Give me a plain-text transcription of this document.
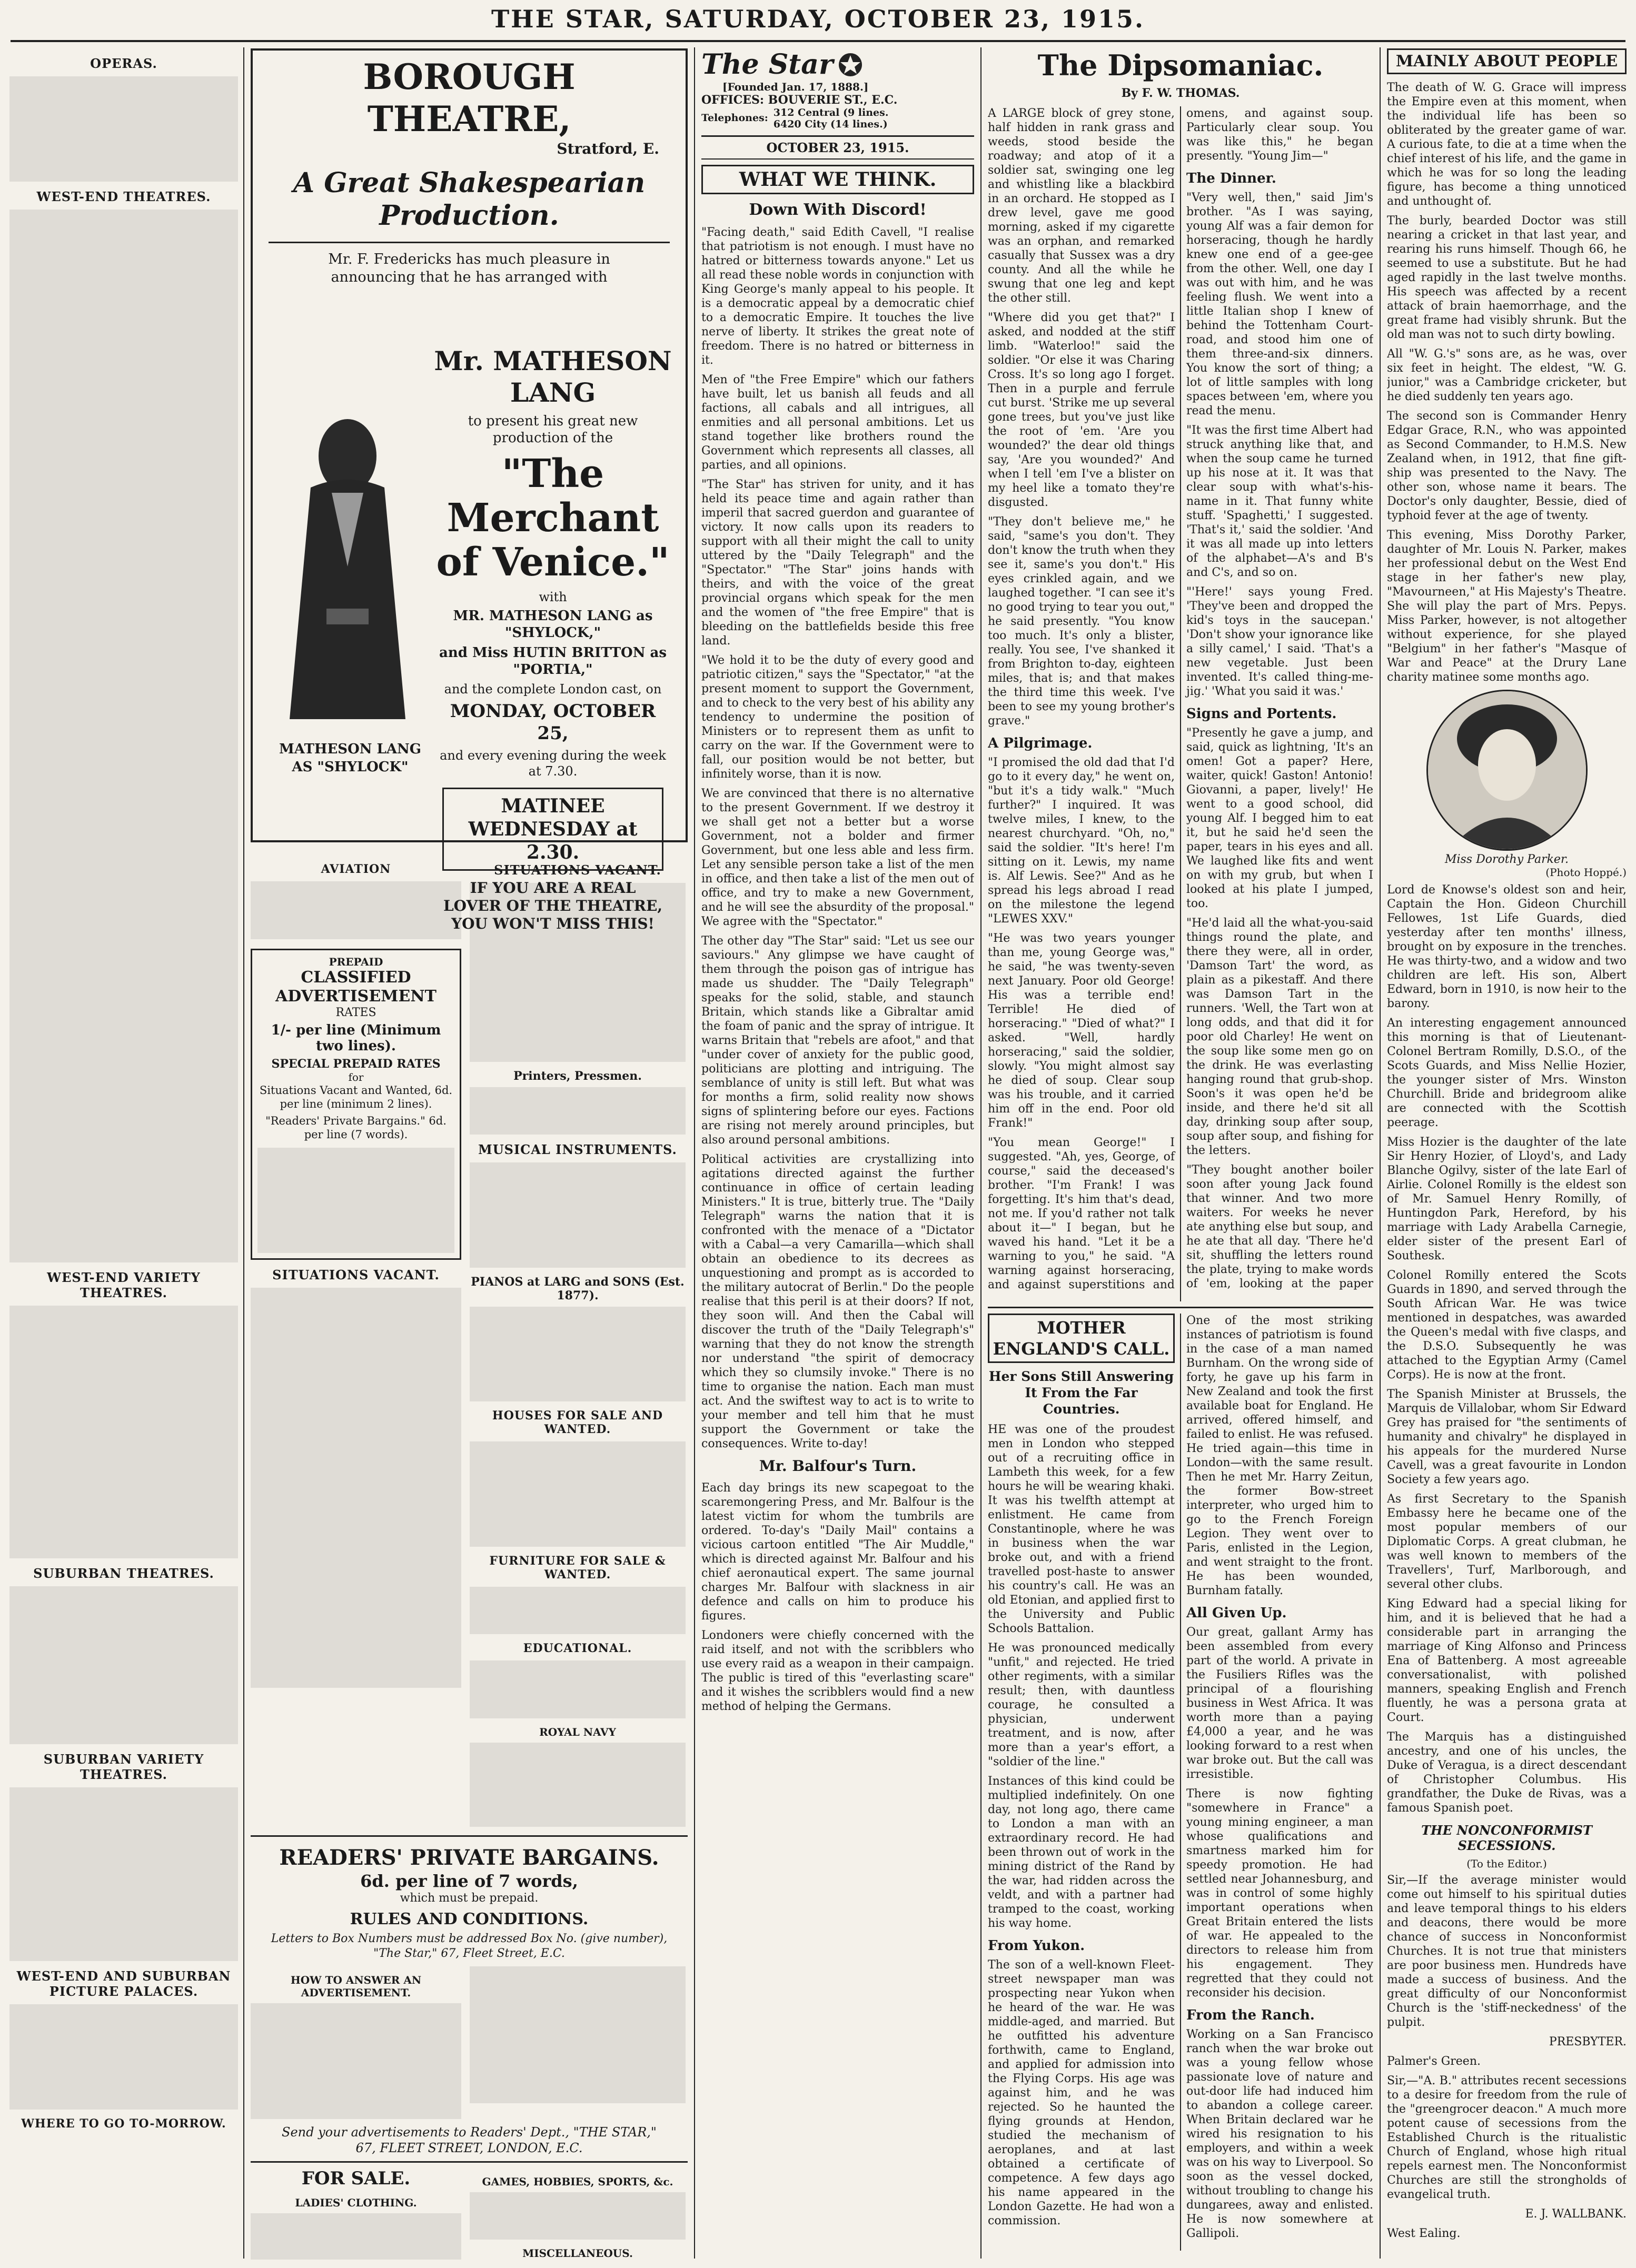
THE STAR, SATURDAY, OCTOBER 23, 1915.
OPERAS.
WEST-END THEATRES.
WEST-END VARIETY THEATRES.
SUBURBAN THEATRES.
SUBURBAN VARIETY THEATRES.
WEST-END AND SUBURBAN PICTURE PALACES.
WHERE TO GO TO-MORROW.
BOROUGH THEATRE,
Stratford, E.
A Great Shakespearian Production.
Mr. F. Fredericks has much pleasure in announcing that he has arranged with
Mr. MATHESON LANG
to present his great new production of the
"The Merchant of Venice."
with
MR. MATHESON LANG as "SHYLOCK,"
and Miss HUTIN BRITTON as "PORTIA,"
and the complete London cast, on
MONDAY, OCTOBER 25,
and every evening during the week at 7.30.
MATINEE WEDNESDAY at 2.30.
IF YOU ARE A REAL LOVER OF THE THEATRE, YOU WON'T MISS THIS!
MATHESON LANG AS "SHYLOCK"
AVIATION
PREPAID
CLASSIFIED ADVERTISEMENT
RATES
1/- per line (Minimum two lines).
SPECIAL PREPAID RATES
for
Situations Vacant and Wanted, 6d. per line (minimum 2 lines).
"Readers' Private Bargains." 6d. per line (7 words).
SITUATIONS VACANT.
SITUATIONS VACANT.
Printers, Pressmen.
MUSICAL INSTRUMENTS.
PIANOS at LARG and SONS (Est. 1877).
HOUSES FOR SALE AND WANTED.
FURNITURE FOR SALE & WANTED.
EDUCATIONAL.
ROYAL NAVY
READERS' PRIVATE BARGAINS.
6d. per line of 7 words,
which must be prepaid.
RULES AND CONDITIONS.
Letters to Box Numbers must be addressed Box No. (give number), "The Star," 67, Fleet Street, E.C.
HOW TO ANSWER AN ADVERTISEMENT.
Send your advertisements to Readers' Dept., "THE STAR," 67, FLEET STREET, LONDON, E.C.
FOR SALE.
LADIES' CLOTHING.
GAMES, HOBBIES, SPORTS, &c.
MISCELLANEOUS.
The Star
[Founded Jan. 17, 1888.]
OFFICES: BOUVERIE ST., E.C.
Telephones: 312 Central (9 lines.
6420 City (14 lines.)
OCTOBER 23, 1915.
WHAT WE THINK.
Down With Discord!

"Facing death," said Edith Cavell, "I realise that patriotism is not enough. I must have no hatred or bitterness towards anyone." Let us all read these noble words in conjunction with King George's manly appeal to his people. It is a democratic appeal by a democratic chief to a democratic Empire. It touches the live nerve of liberty. It strikes the great note of freedom. There is no hatred or bitterness in it.

Men of "the Free Empire" which our fathers have built, let us banish all feuds and all factions, all cabals and all intrigues, all enmities and all personal ambitions. Let us stand together like brothers round the Government which represents all classes, all parties, and all opinions.

"The Star" has striven for unity, and it has held its peace time and again rather than imperil that sacred guerdon and guarantee of victory. It now calls upon its readers to support with all their might the call to unity uttered by the "Daily Telegraph" and the "Spectator." "The Star" joins hands with theirs, and with the voice of the great provincial organs which speak for the men and the women of "the free Empire" that is bleeding on the battlefields beside this free land.

"We hold it to be the duty of every good and patriotic citizen," says the "Spectator," "at the present moment to support the Government, and to check to the very best of his ability any tendency to undermine the position of Ministers or to represent them as unfit to carry on the war. If the Government were to fall, our position would be not better, but infinitely worse, than it is now.

We are convinced that there is no alternative to the present Government. If we destroy it we shall get not a better but a worse Government, not a bolder and firmer Government, but one less able and less firm. Let any sensible person take a list of the men in office, and then take a list of the men out of office, and try to make a new Government, and he will see the absurdity of the proposal." We agree with the "Spectator."

The other day "The Star" said: "Let us see our saviours." Any glimpse we have caught of them through the poison gas of intrigue has made us shudder. The "Daily Telegraph" speaks for the solid, stable, and staunch Britain, which stands like a Gibraltar amid the foam of panic and the spray of intrigue. It warns Britain that "rebels are afoot," and that "under cover of anxiety for the public good, politicians are plotting and intriguing. The semblance of unity is still left. But what was for months a firm, solid reality now shows signs of splintering before our eyes. Factions are rising not merely around principles, but also around personal ambitions.

Political activities are crystallizing into agitations directed against the further continuance in office of certain leading Ministers." It is true, bitterly true. The "Daily Telegraph" warns the nation that it is confronted with the menace of a "Dictator with a Cabal—a very Camarilla—which shall obtain an obedience to its decrees as unquestioning and prompt as is accorded to the military autocrat of Berlin." Do the people realise that this peril is at their doors? If not, they soon will. And then the Cabal will discover the truth of the "Daily Telegraph's" warning that they do not know the strength nor understand "the spirit of democracy which they so clumsily invoke." There is no time to organise the nation. Each man must act. And the swiftest way to act is to write to your member and tell him that he must support the Government or take the consequences. Write to-day!

Mr. Balfour's Turn.

Each day brings its new scapegoat to the scaremongering Press, and Mr. Balfour is the latest victim for whom the tumbrils are ordered. To-day's "Daily Mail" contains a vicious cartoon entitled "The Air Muddle," which is directed against Mr. Balfour and his chief aeronautical expert. The same journal charges Mr. Balfour with slackness in air defence and calls on him to produce his figures.

Londoners were chiefly concerned with the raid itself, and not with the scribblers who use every raid as a weapon in their campaign. The public is tired of this "everlasting scare" and it wishes the scribblers would find a new method of helping the Germans.

The Dipsomaniac.
By F. W. THOMAS.

A LARGE block of grey stone, half hidden in rank grass and weeds, stood beside the roadway; and atop of it a soldier sat, swinging one leg and whistling like a blackbird in an orchard. He stopped as I drew level, gave me good morning, asked if my cigarette was an orphan, and remarked casually that Sussex was a dry county. And all the while he swung that one leg and kept the other still.

"Where did you get that?" I asked, and nodded at the stiff limb. "Waterloo!" said the soldier. "Or else it was Charing Cross. It's so long ago I forget. Then in a purple and ferrule cut burst. 'Strike me up several gone trees, but you've just like the root of 'em. 'Are you wounded?' the dear old things say, 'Are you wounded?' And when I tell 'em I've a blister on my heel like a tomato they're disgusted.

"They don't believe me," he said, "same's you don't. They don't know the truth when they see it, same's you don't." His eyes crinkled again, and we laughed together. "I can see it's no good trying to tear you out," he said presently. "You know too much. It's only a blister, really. You see, I've shanked it from Brighton to-day, eighteen miles, that is; and that makes the third time this week. I've been to see my young brother's grave."

A Pilgrimage.

"I promised the old dad that I'd go to it every day," he went on, "but it's a tidy walk." "Much further?" I inquired. It was twelve miles, I knew, to the nearest churchyard. "Oh, no," said the soldier. "It's here! I'm sitting on it. Lewis, my name is. Alf Lewis. See?" And as he spread his legs abroad I read on the milestone the legend "LEWES XXV."

"He was two years younger than me, young George was," he said, "he was twenty-seven next January. Poor old George! His was a terrible end! Terrible! He died of horseracing." "Died of what?" I asked. "Well, hardly horseracing," said the soldier, slowly. "You might almost say he died of soup. Clear soup was his trouble, and it carried him off in the end. Poor old Frank!"

"You mean George!" I suggested. "Ah, yes, George, of course," said the deceased's brother. "I'm Frank! I was forgetting. It's him that's dead, not me. If you'd rather not talk about it—" I began, but he waved his hand. "Let it be a warning to you," he said. "A warning against horseracing, and against superstitions and omens, and against soup. Particularly clear soup. You was like this," he began presently. "Young Jim—"

The Dinner.

"Very well, then," said Jim's brother. "As I was saying, young Alf was a fair demon for horseracing, though he hardly knew one end of a gee-gee from the other. Well, one day I was out with him, and he was feeling flush. We went into a little Italian shop I knew of behind the Tottenham Court-road, and stood him one of them three-and-six dinners. You know the sort of thing; a lot of little samples with long spaces between 'em, where you read the menu.

"It was the first time Albert had struck anything like that, and when the soup came he turned up his nose at it. It was that clear soup with what's-his-name in it. That funny white stuff. 'Spaghetti,' I suggested. 'That's it,' said the soldier. 'And it was all made up into letters of the alphabet—A's and B's and C's, and so on.

"'Here!' says young Fred. 'They've been and dropped the kid's toys in the saucepan.' 'Don't show your ignorance like a silly camel,' I said. 'That's a new vegetable. Just been invented. It's called thing-me-jig.' 'What you said it was.'

Signs and Portents.

"Presently he gave a jump, and said, quick as lightning, 'It's an omen! Got a paper? Here, waiter, quick! Gaston! Antonio! Giovanni, a paper, lively!' He went to a good school, did young Alf. I begged him to eat it, but he said he'd seen the paper, tears in his eyes and all. We laughed like fits and went on with my grub, but when I looked at his plate I jumped, too.

"He'd laid all the what-you-said things round the plate, and there they were, all in order, 'Damson Tart' the word, as plain as a pikestaff. And there was Damson Tart in the runners. 'Well, the Tart won at long odds, and that did it for poor old Charley! He went on the soup like some men go on the drink. He was everlasting hanging round that grub-shop. Soon's it was open he'd be inside, and there he'd sit all day, drinking soup after soup, soup after soup, and fishing for the letters.

"They bought another boiler soon after young Jack found that winner. And two more waiters. For weeks he never ate anything else but soup, and he ate that all day. 'There he'd sit, shuffling the letters round the plate, trying to make words of 'em, looking at the paper

MOTHER ENGLAND'S CALL.
Her Sons Still Answering It From the Far Countries.

HE was one of the proudest men in London who stepped out of a recruiting office in Lambeth this week, for a few hours he will be wearing khaki. It was his twelfth attempt at enlistment. He came from Constantinople, where he was in business when the war broke out, and with a friend travelled post-haste to answer his country's call. He was an old Etonian, and applied first to the University and Public Schools Battalion.

He was pronounced medically "unfit," and rejected. He tried other regiments, with a similar result; then, with dauntless courage, he consulted a physician, underwent treatment, and is now, after more than a year's effort, a "soldier of the line."

Instances of this kind could be multiplied indefinitely. On one day, not long ago, there came to London a man with an extraordinary record. He had been thrown out of work in the mining district of the Rand by the war, had ridden across the veldt, and with a partner had tramped to the coast, working his way home.

From Yukon.

The son of a well-known Fleet-street newspaper man was prospecting near Yukon when he heard of the war. He was middle-aged, and married. But he outfitted his adventure forthwith, came to England, and applied for admission into the Flying Corps. His age was against him, and he was rejected. So he haunted the flying grounds at Hendon, studied the mechanism of aeroplanes, and at last obtained a certificate of competence. A few days ago his name appeared in the London Gazette. He had won a commission.

One of the most striking instances of patriotism is found in the case of a man named Burnham. On the wrong side of forty, he gave up his farm in New Zealand and took the first available boat for England. He arrived, offered himself, and failed to enlist. He was refused. He tried again—this time in London—with the same result. Then he met Mr. Harry Zeitun, the former Bow-street interpreter, who urged him to go to the French Foreign Legion. They went over to Paris, enlisted in the Legion, and went straight to the front. He has been wounded, Burnham fatally.

All Given Up.

Our great, gallant Army has been assembled from every part of the world. A private in the Fusiliers Rifles was the principal of a flourishing business in West Africa. It was worth more than a paying £4,000 a year, and he was looking forward to a rest when war broke out. But the call was irresistible.

There is now fighting "somewhere in France" a young mining engineer, a man whose qualifications and smartness marked him for speedy promotion. He had settled near Johannesburg, and was in control of some highly important operations when Great Britain entered the lists of war. He appealed to the directors to release him from his engagement. They regretted that they could not reconsider his decision.

From the Ranch.

Working on a San Francisco ranch when the war broke out was a young fellow whose passionate love of nature and out-door life had induced him to abandon a college career. When Britain declared war he wired his resignation to his employers, and within a week was on his way to Liverpool. So soon as the vessel docked, without troubling to change his dungarees, away and enlisted. He is now somewhere at Gallipoli.

MAINLY ABOUT PEOPLE

The death of W. G. Grace will impress the Empire even at this moment, when the individual life has been so obliterated by the greater game of war. A curious fate, to die at a time when the chief interest of his life, and the game in which he was for so long the leading figure, has become a thing unnoticed and unthought of.

The burly, bearded Doctor was still nearing a cricket in that last year, and rearing his runs himself. Though 66, he seemed to use a substitute. But he had aged rapidly in the last twelve months. His speech was affected by a recent attack of brain haemorrhage, and the great frame had visibly shrunk. But the old man was not to such dirty bowling.

All "W. G.'s" sons are, as he was, over six feet in height. The eldest, "W. G. junior," was a Cambridge cricketer, but he died suddenly ten years ago.

The second son is Commander Henry Edgar Grace, R.N., who was appointed as Second Commander, to H.M.S. New Zealand when, in 1912, that fine gift-ship was presented to the Navy. The other son, whose name it bears. The Doctor's only daughter, Bessie, died of typhoid fever at the age of twenty.

This evening, Miss Dorothy Parker, daughter of Mr. Louis N. Parker, makes her professional debut on the West End stage in her father's new play, "Mavourneen," at His Majesty's Theatre. She will play the part of Mrs. Pepys. Miss Parker, however, is not altogether without experience, for she played "Belgium" in her father's "Masque of War and Peace" at the Drury Lane charity matinee some months ago.

Miss Dorothy Parker.
(Photo Hoppé.)

Lord de Knowse's oldest son and heir, Captain the Hon. Gideon Churchill Fellowes, 1st Life Guards, died yesterday after ten months' illness, brought on by exposure in the trenches. He was thirty-two, and a widow and two children are left. His son, Albert Edward, born in 1910, is now heir to the barony.

An interesting engagement announced this morning is that of Lieutenant-Colonel Bertram Romilly, D.S.O., of the Scots Guards, and Miss Nellie Hozier, the younger sister of Mrs. Winston Churchill. Bride and bridegroom alike are connected with the Scottish peerage.

Miss Hozier is the daughter of the late Sir Henry Hozier, of Lloyd's, and Lady Blanche Ogilvy, sister of the late Earl of Airlie. Colonel Romilly is the eldest son of Mr. Samuel Henry Romilly, of Huntingdon Park, Hereford, by his marriage with Lady Arabella Carnegie, elder sister of the present Earl of Southesk.

Colonel Romilly entered the Scots Guards in 1890, and served through the South African War. He was twice mentioned in despatches, was awarded the Queen's medal with five clasps, and the D.S.O. Subsequently he was attached to the Egyptian Army (Camel Corps). He is now at the front.

The Spanish Minister at Brussels, the Marquis de Villalobar, whom Sir Edward Grey has praised for "the sentiments of humanity and chivalry" he displayed in his appeals for the murdered Nurse Cavell, was a great favourite in London Society a few years ago.

As first Secretary to the Spanish Embassy here he became one of the most popular members of our Diplomatic Corps. A great clubman, he was well known to members of the Travellers', Turf, Marlborough, and several other clubs.

King Edward had a special liking for him, and it is believed that he had a considerable part in arranging the marriage of King Alfonso and Princess Ena of Battenberg. A most agreeable conversationalist, with polished manners, speaking English and French fluently, he was a persona grata at Court.

The Marquis has a distinguished ancestry, and one of his uncles, the Duke of Veragua, is a direct descendant of Christopher Columbus. His grandfather, the Duke de Rivas, was a famous Spanish poet.

THE NONCONFORMIST SECESSIONS.
(To the Editor.)

Sir,—If the average minister would come out himself to his spiritual duties and leave temporal things to his elders and deacons, there would be more chance of success in Nonconformist Churches. It is not true that ministers are poor business men. Hundreds have made a success of business. And the great difficulty of our Nonconformist Church is the 'stiff-neckedness' of the pulpit.

PRESBYTER.

Palmer's Green.

Sir,—"A. B." attributes recent secessions to a desire for freedom from the rule of the "greengrocer deacon." A much more potent cause of secessions from the Established Church is the ritualistic Church of England, whose high ritual repels earnest men. The Nonconformist Churches are still the strongholds of evangelical truth.

E. J. WALLBANK.

West Ealing.
